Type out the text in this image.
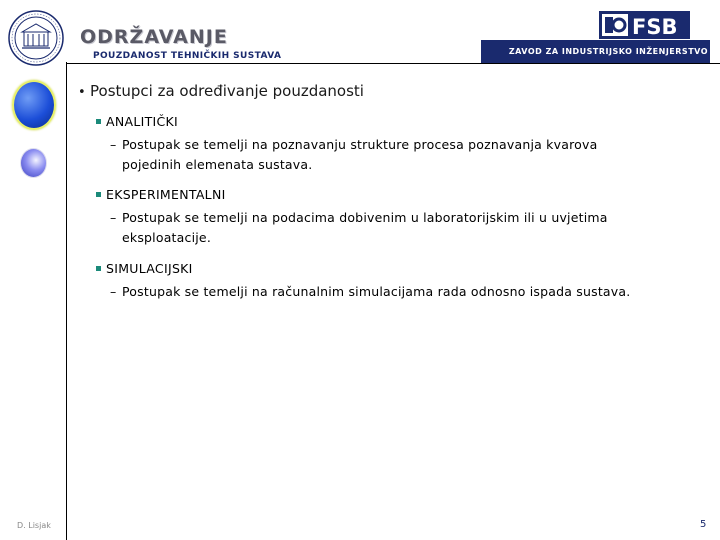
ODRŽAVANJE
POUZDANOST TEHNIČKIH SUSTAVA
FSB
ZAVOD ZA INDUSTRIJSKO INŽENJERSTVO
• Postupci za određivanje pouzdanosti
ANALITIČKI
– Postupak se temelji na poznavanju strukture procesa poznavanja kvarova pojedinih elemenata sustava.
EKSPERIMENTALNI
– Postupak se temelji na podacima dobivenim u laboratorijskim ili u uvjetima eksploatacije.
SIMULACIJSKI
– Postupak se temelji na računalnim simulacijama rada odnosno ispada sustava.
D. Lisjak	5
